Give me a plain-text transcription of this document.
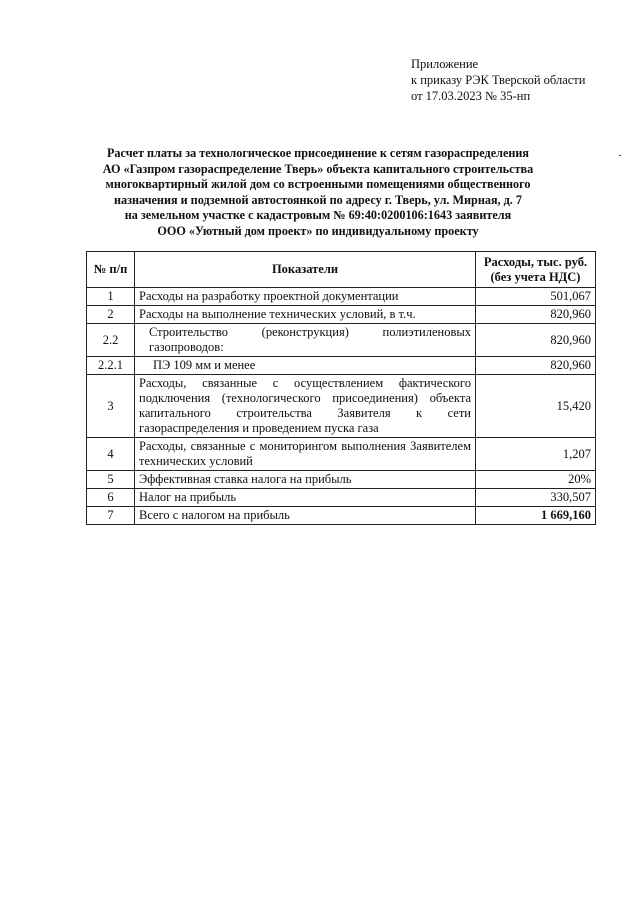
Приложение
к приказу РЭК Тверской области
от 17.03.2023 № 35-нп
Расчет платы за технологическое присоединение к сетям газораспределения
АО «Газпром газораспределение Тверь» объекта капитального строительства
многоквартирный жилой дом со встроенными помещениями общественного
назначения и подземной автостоянкой по адресу г. Тверь, ул. Мирная, д. 7
на земельном участке с кадастровым № 69:40:0200106:1643 заявителя
ООО «Уютный дом проект» по индивидуальному проекту
№ п/п	Показатели	Расходы, тыс. руб.
(без учета НДС)

1	Расходы на разработку проектной документации	501,067
2	Расходы на выполнение технических условий, в т.ч.	820,960
2.2	Строительство (реконструкция) полиэтиленовых газопроводов:	820,960
2.2.1	ПЭ 109 мм и менее	820,960
3	Расходы, связанные с осуществлением фактического подключения (технологического присоединения) объекта капитального строительства Заявителя к сети газораспределения и проведением пуска газа	15,420
4	Расходы, связанные с мониторингом выполнения Заявителем технических условий	1,207
5	Эффективная ставка налога на прибыль	20%
6	Налог на прибыль	330,507
7	Всего с налогом на прибыль	1 669,160
